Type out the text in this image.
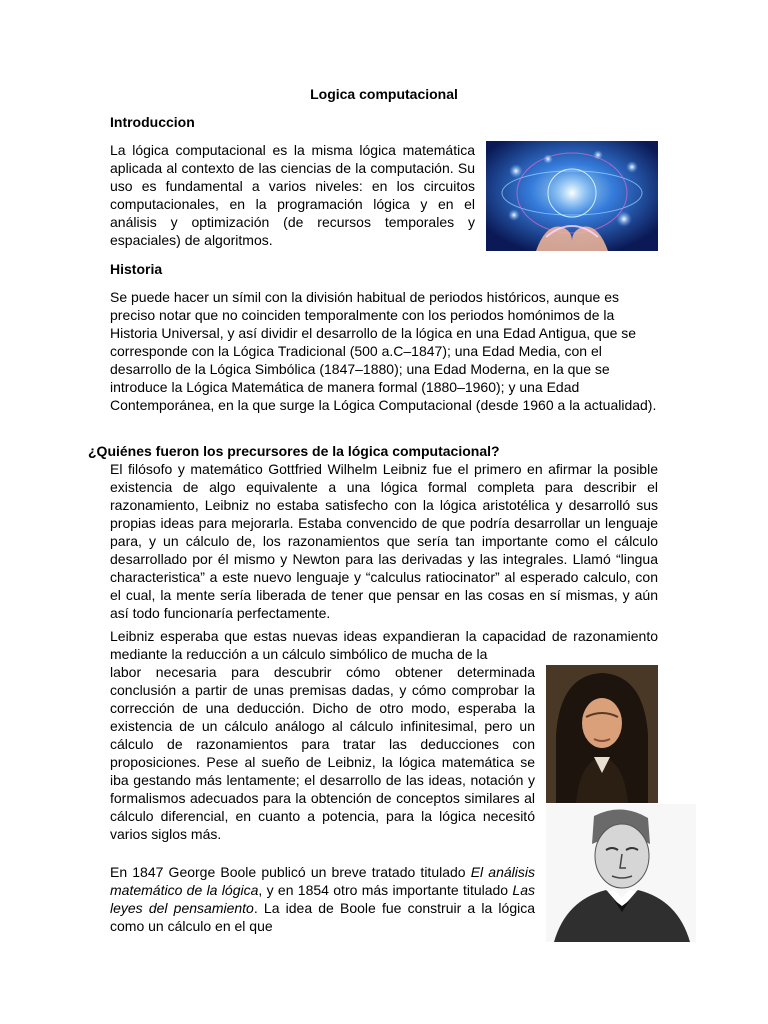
Logica computacional
Introduccion

La lógica computacional es la misma lógica matemática aplicada al contexto de las ciencias de la computación. Su uso es fundamental a varios niveles: en los circuitos computacionales, en la programación lógica y en el análisis y optimización (de recursos temporales y espaciales) de algoritmos.

Historia

Se puede hacer un símil con la división habitual de periodos históricos, aunque es preciso notar que no coinciden temporalmente con los periodos homónimos de la Historia Universal, y así dividir el desarrollo de la lógica en una Edad Antigua, que se corresponde con la Lógica Tradicional (500 a.C–1847); una Edad Media, con el desarrollo de la Lógica Simbólica (1847–1880); una Edad Moderna, en la que se introduce la Lógica Matemática de manera formal (1880–1960); y una Edad Contemporánea, en la que surge la Lógica Computacional (desde 1960 a la actualidad).

¿Quiénes fueron los precursores de la lógica computacional?

El filósofo y matemático Gottfried Wilhelm Leibniz fue el primero en afirmar la posible existencia de algo equivalente a una lógica formal completa para describir el razonamiento, Leibniz no estaba satisfecho con la lógica aristotélica y desarrolló sus propias ideas para mejorarla. Estaba convencido de que podría desarrollar un lenguaje para, y un cálculo de, los razonamientos que sería tan importante como el cálculo desarrollado por él mismo y Newton para las derivadas y las integrales. Llamó “lingua characteristica” a este nuevo lenguaje y “calculus ratiocinator” al esperado calculo, con el cual, la mente sería liberada de tener que pensar en las cosas en sí mismas, y aún así todo funcionaría perfectamente.

Leibniz esperaba que estas nuevas ideas expandieran la capacidad de razonamiento mediante la reducción a un cálculo simbólico de mucha de la

labor necesaria para descubrir cómo obtener determinada conclusión a partir de unas premisas dadas, y cómo comprobar la corrección de una deducción. Dicho de otro modo, esperaba la existencia de un cálculo análogo al cálculo infinitesimal, pero un cálculo de razonamientos para tratar las deducciones con proposiciones. Pese al sueño de Leibniz, la lógica matemática se iba gestando más lentamente; el desarrollo de las ideas, notación y formalismos adecuados para la obtención de conceptos similares al cálculo diferencial, en cuanto a potencia, para la lógica necesitó varios siglos más.

En 1847 George Boole publicó un breve tratado titulado El análisis matemático de la lógica, y en 1854 otro más importante titulado Las leyes del pensamiento. La idea de Boole fue construir a la lógica como un cálculo en el que
